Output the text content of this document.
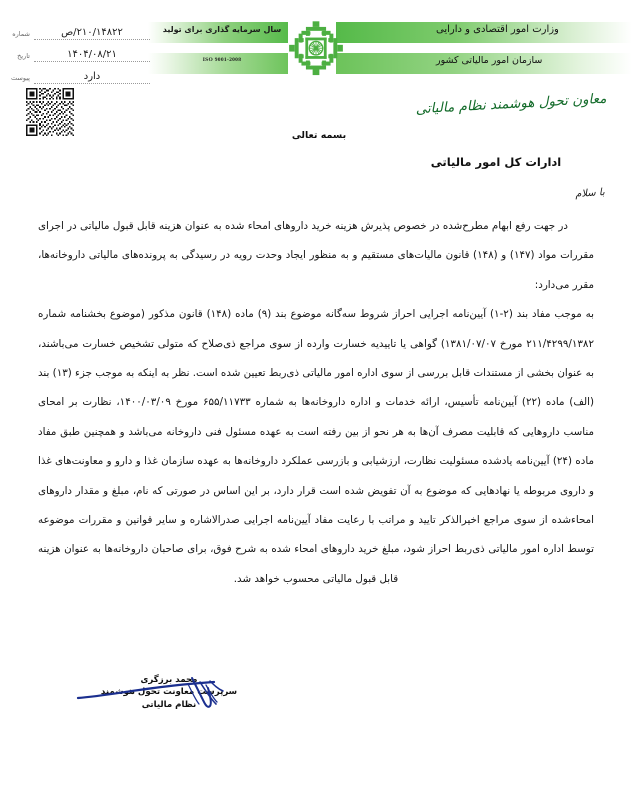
سال سرمایه گذاری برای تولید
ISO 9001-2008
وزارت امور اقتصادی و دارایی
سازمان امور مالیاتی کشور
۲۱۰/۱۴۸۲۲/ص
شماره
۱۴۰۴/۰۸/۲۱
تاریخ
دارد
پیوست
معاون تحول هوشمند نظام مالیاتی
بسمه تعالی
ادارات کل امور مالیاتی
با سلام

در جهت رفع ابهام مطرح‌شده در خصوص پذیرش هزینه خرید داروهای امحاء شده به عنوان هزینه قابل قبول مالیاتی در اجرای مقررات مواد (۱۴۷) و (۱۴۸) قانون مالیات‌های مستقیم و به منظور ایجاد وحدت رویه در رسیدگی به پرونده‌های مالیاتی داروخانه‌ها، مقرر می‌دارد:

به موجب مفاد بند (۲-۱) آیین‌نامه اجرایی احراز شروط سه‌گانه موضوع بند (۹) ماده (۱۴۸) قانون مذکور (موضوع بخشنامه شماره ۲۱۱/۴۲۹۹/۱۳۸۲ مورخ ۱۳۸۱/۰۷/۰۷) گواهی یا تاییدیه خسارت وارده از سوی مراجع ذی‌صلاح که متولی تشخیص خسارت می‌باشند، به عنوان بخشی از مستندات قابل بررسی از سوی اداره امور مالیاتی ذی‌ربط تعیین شده است. نظر به اینکه به موجب جزء (۱۳) بند (الف) ماده (۲۲) آیین‌نامه تأسیس، ارائه خدمات و اداره داروخانه‌ها به شماره ۶۵۵/۱۱۷۳۳ مورخ ۱۴۰۰/۰۳/۰۹، نظارت بر امحای مناسب داروهایی که قابلیت مصرف آن‌ها به هر نحو از بین رفته است به عهده مسئول فنی داروخانه می‌باشد و همچنین طبق مفاد ماده (۲۴) آیین‌نامه یادشده مسئولیت نظارت، ارزشیابی و بازرسی عملکرد داروخانه‌ها به عهده سازمان غذا و دارو و معاونت‌های غذا و داروی مربوطه یا نهادهایی که موضوع به آن تفویض شده است قرار دارد، بر این اساس در صورتی که نام، مبلغ و مقدار داروهای امحاء‌شده از سوی مراجع اخیرالذکر تایید و مراتب با رعایت مفاد آیین‌نامه اجرایی صدرالاشاره و سایر قوانین و مقررات موضوعه توسط اداره امور مالیاتی ذی‌ربط احراز شود، مبلغ خرید داروهای امحاء شده به شرح فوق، برای صاحبان داروخانه‌ها به عنوان هزینه قابل قبول مالیاتی محسوب خواهد شد.

محمد برزگری
سرپرست معاونت تحول هوشمند
نظام مالیاتی
